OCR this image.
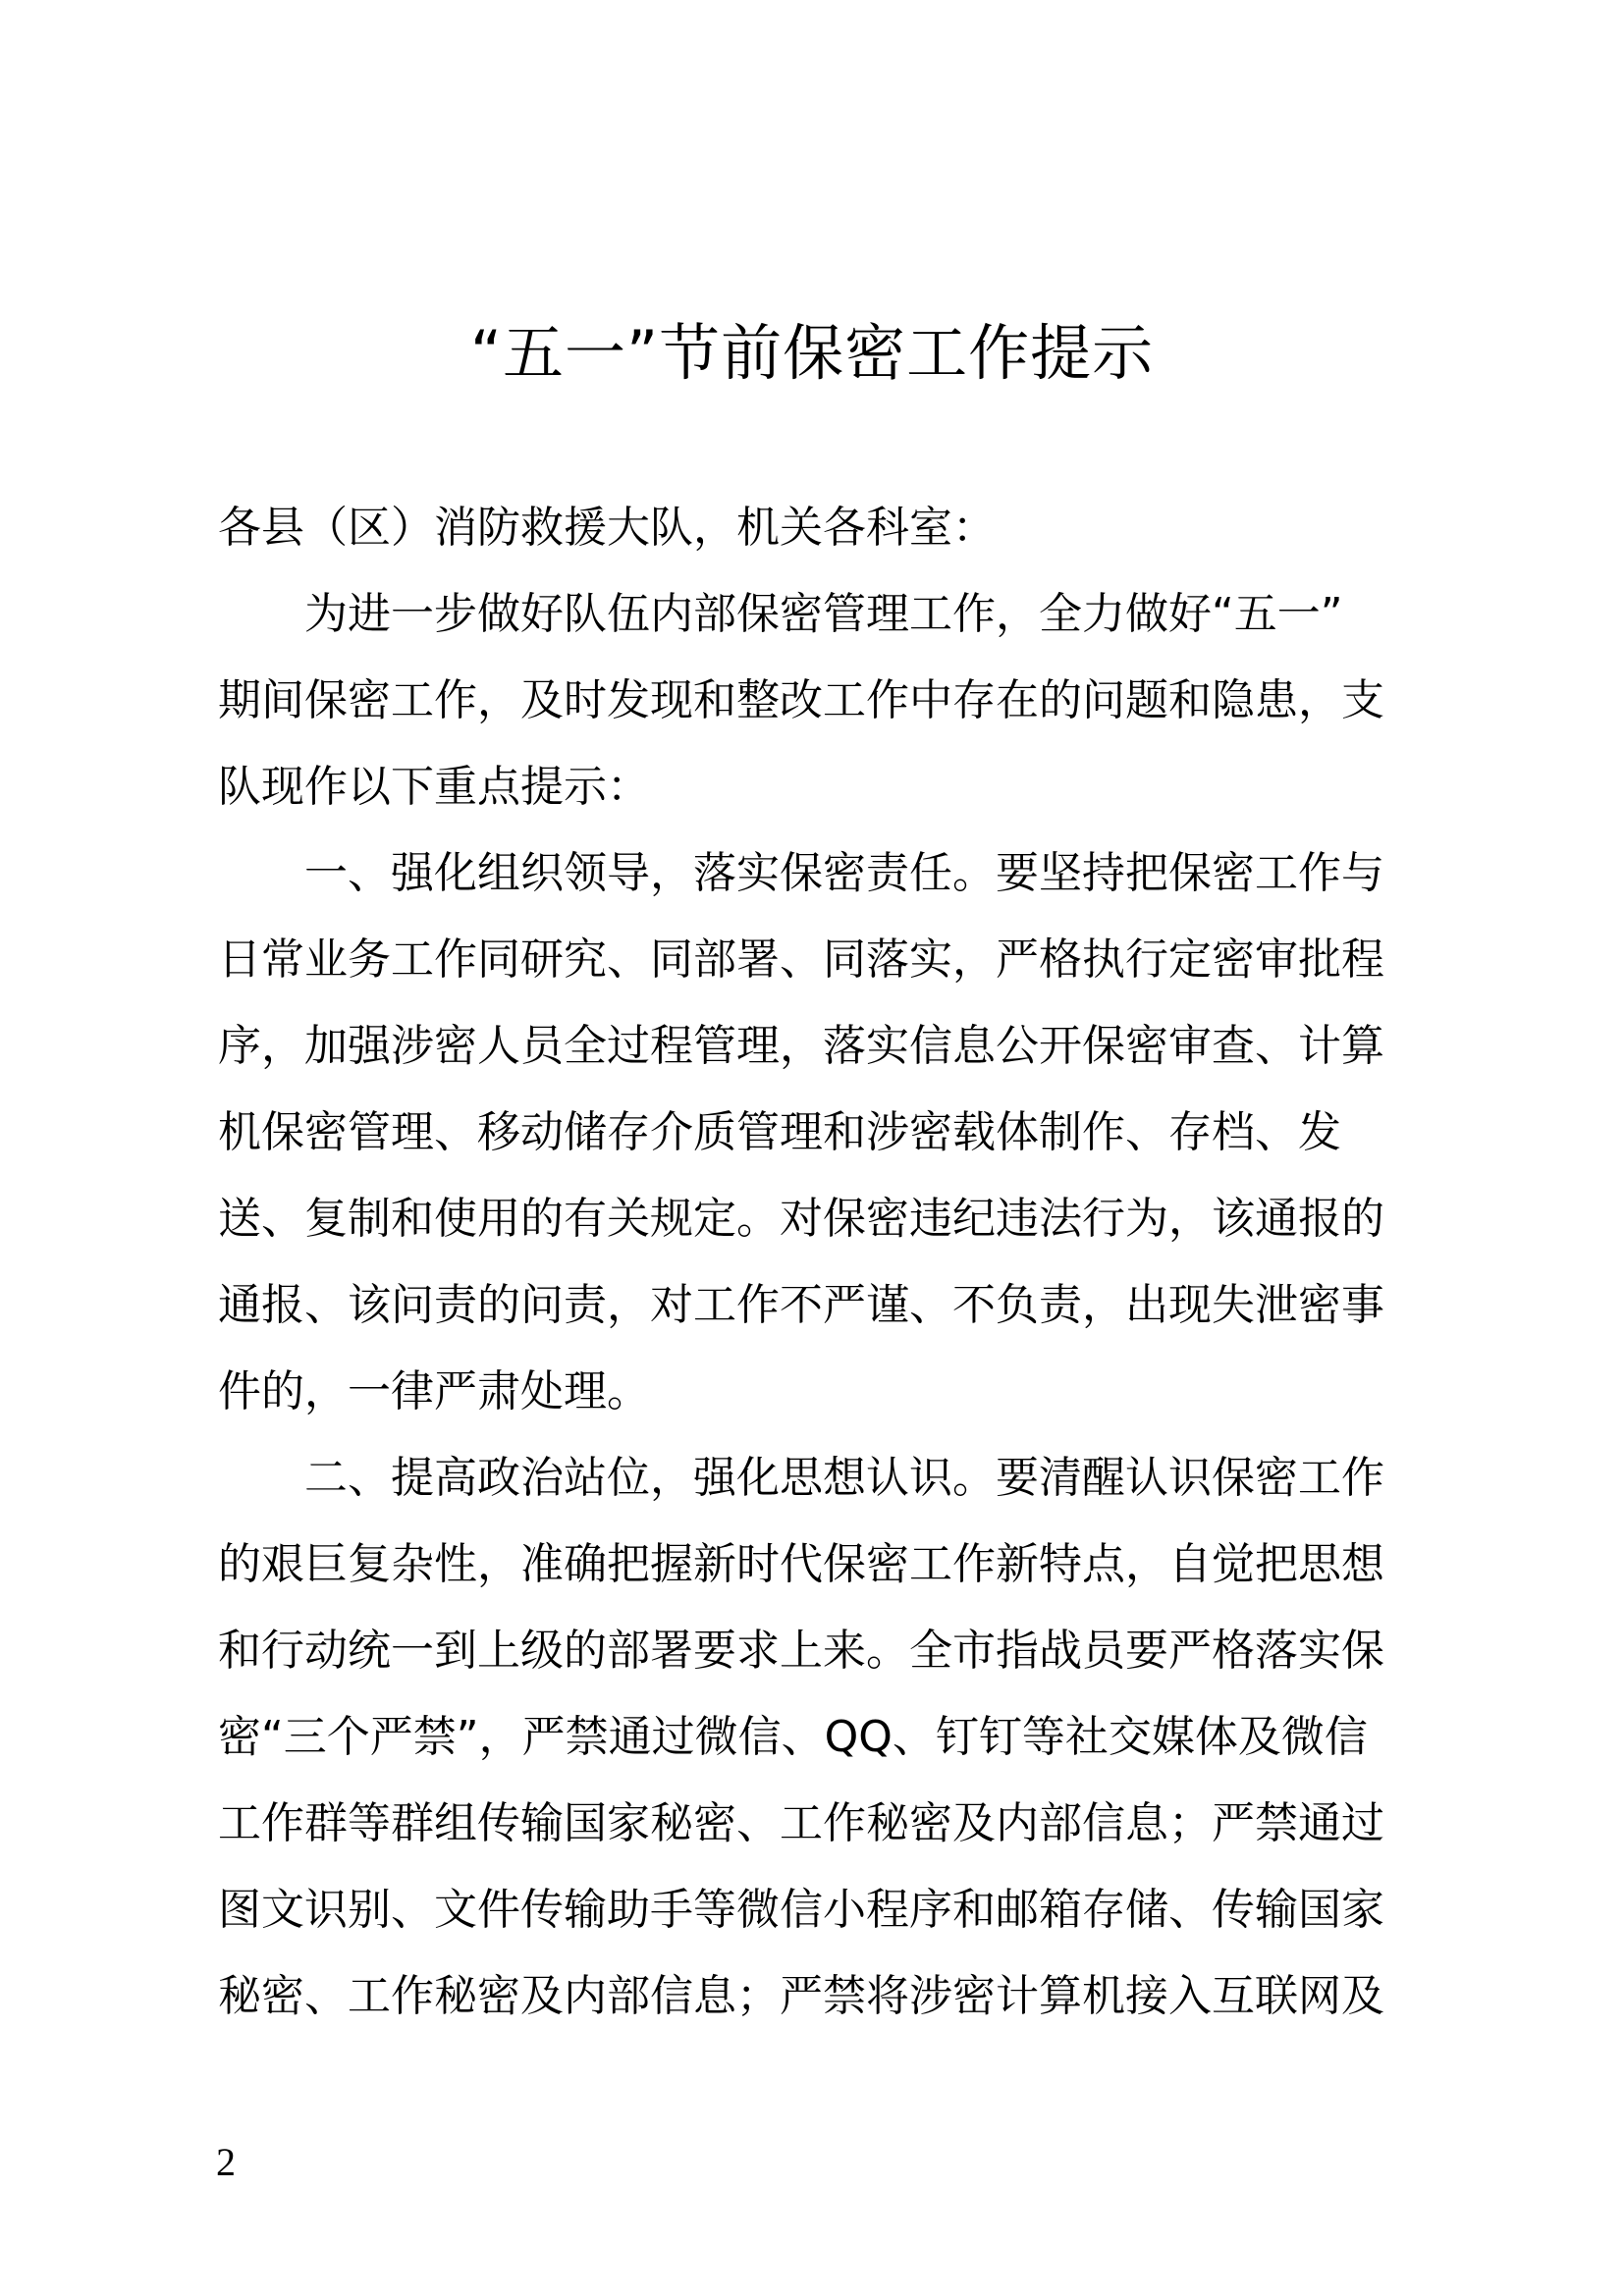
“五一”节前保密工作提示
各县（区）消防救援大队，机关各科室：
为进一步做好队伍内部保密管理工作，全力做好“五一”
期间保密工作，及时发现和整改工作中存在的问题和隐患，支
队现作以下重点提示：
一、强化组织领导，落实保密责任。要坚持把保密工作与
日常业务工作同研究、同部署、同落实，严格执行定密审批程
序，加强涉密人员全过程管理，落实信息公开保密审查、计算
机保密管理、移动储存介质管理和涉密载体制作、存档、发
送、复制和使用的有关规定。对保密违纪违法行为，该通报的
通报、该问责的问责，对工作不严谨、不负责，出现失泄密事
件的，一律严肃处理。
二、提高政治站位，强化思想认识。要清醒认识保密工作
的艰巨复杂性，准确把握新时代保密工作新特点，自觉把思想
和行动统一到上级的部署要求上来。全市指战员要严格落实保
密“三个严禁”，严禁通过微信、QQ、钉钉等社交媒体及微信
工作群等群组传输国家秘密、工作秘密及内部信息；严禁通过
图文识别、文件传输助手等微信小程序和邮箱存储、传输国家
秘密、工作秘密及内部信息；严禁将涉密计算机接入互联网及
2
